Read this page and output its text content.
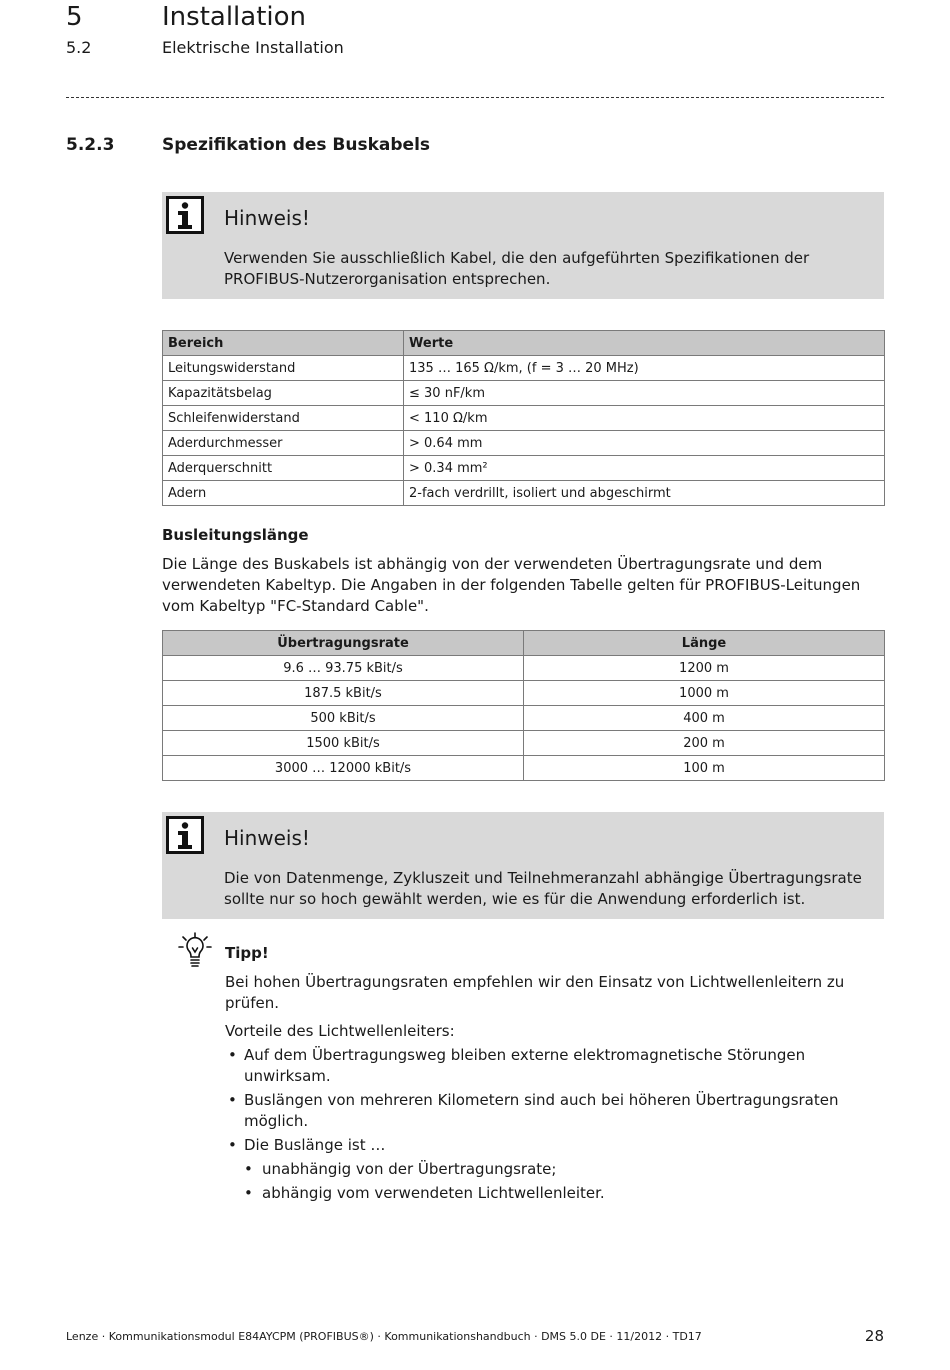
5	Installation
5.2	Elektrische Installation
5.2.3	Spezifikation des Buskabels
Hinweis!
Verwenden Sie ausschließlich Kabel, die den aufgeführten Spezifikationen der PROFIBUS-Nutzerorganisation entsprechen.
Bereich	Werte
Leitungswiderstand	135 … 165 Ω/km, (f = 3 … 20 MHz)
Kapazitätsbelag	≤ 30 nF/km
Schleifenwiderstand	< 110 Ω/km
Aderdurchmesser	> 0.64 mm
Aderquerschnitt	> 0.34 mm²
Adern	2-fach verdrillt, isoliert und abgeschirmt
Busleitungslänge
Die Länge des Buskabels ist abhängig von der verwendeten Übertragungsrate und dem verwendeten Kabeltyp. Die Angaben in der folgenden Tabelle gelten für PROFIBUS-Leitungen vom Kabeltyp "FC-Standard Cable".
Übertragungsrate	Länge
9.6 … 93.75 kBit/s	1200 m
187.5 kBit/s	1000 m
500 kBit/s	400 m
1500 kBit/s	200 m
3000 … 12000 kBit/s	100 m
Hinweis!
Die von Datenmenge, Zykluszeit und Teilnehmeranzahl abhängige Übertragungsrate sollte nur so hoch gewählt werden, wie es für die Anwendung erforderlich ist.
Tipp!
Bei hohen Übertragungsraten empfehlen wir den Einsatz von Lichtwellenleitern zu prüfen.
Vorteile des Lichtwellenleiters:
• Auf dem Übertragungsweg bleiben externe elektromagnetische Störungen unwirksam.
• Buslängen von mehreren Kilometern sind auch bei höheren Übertragungsraten möglich.
• Die Buslänge ist …
• unabhängig von der Übertragungsrate;
• abhängig vom verwendeten Lichtwellenleiter.
Lenze · Kommunikationsmodul E84AYCPM (PROFIBUS®) · Kommunikationshandbuch · DMS 5.0 DE · 11/2012 · TD17	28
